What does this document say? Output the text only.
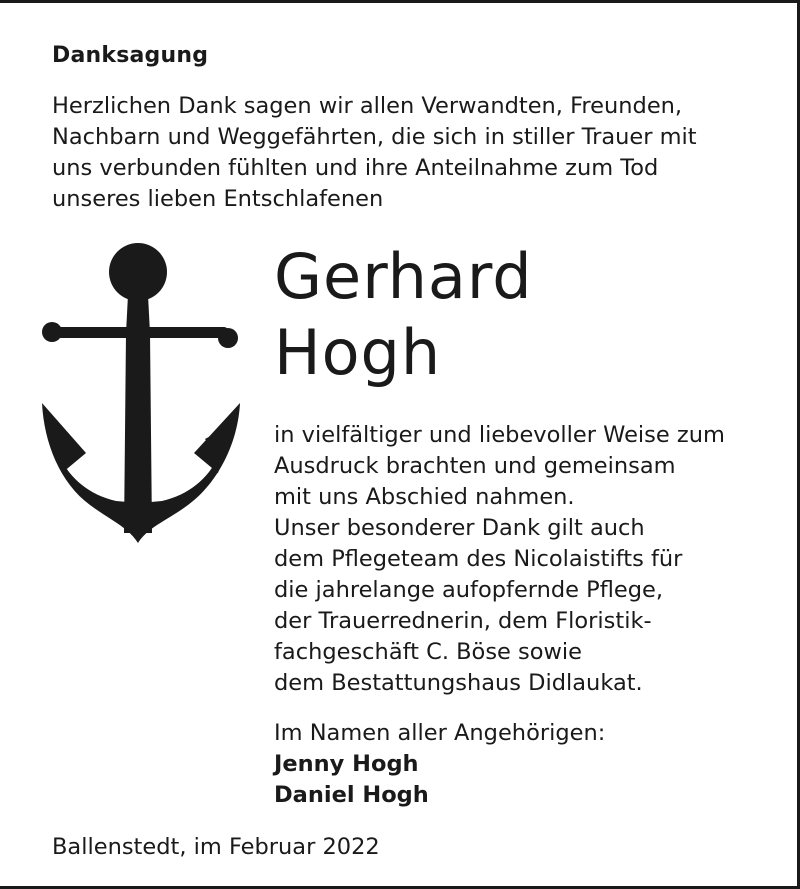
Danksagung
Herzlichen Dank sagen wir allen Verwandten, Freunden,
Nachbarn und Weggefährten, die sich in stiller Trauer mit
uns verbunden fühlten und ihre Anteilnahme zum Tod
unseres lieben Entschlafenen
Gerhard
Hogh
in vielfältiger und liebevoller Weise zum
Ausdruck brachten und gemeinsam
mit uns Abschied nahmen.
Unser besonderer Dank gilt auch
dem Pflegeteam des Nicolaistifts für
die jahrelange aufopfernde Pflege,
der Trauerrednerin, dem Floristik-
fachgeschäft C. Böse sowie
dem Bestattungshaus Didlaukat.
Im Namen aller Angehörigen:
Jenny Hogh
Daniel Hogh
Ballenstedt, im Februar 2022
